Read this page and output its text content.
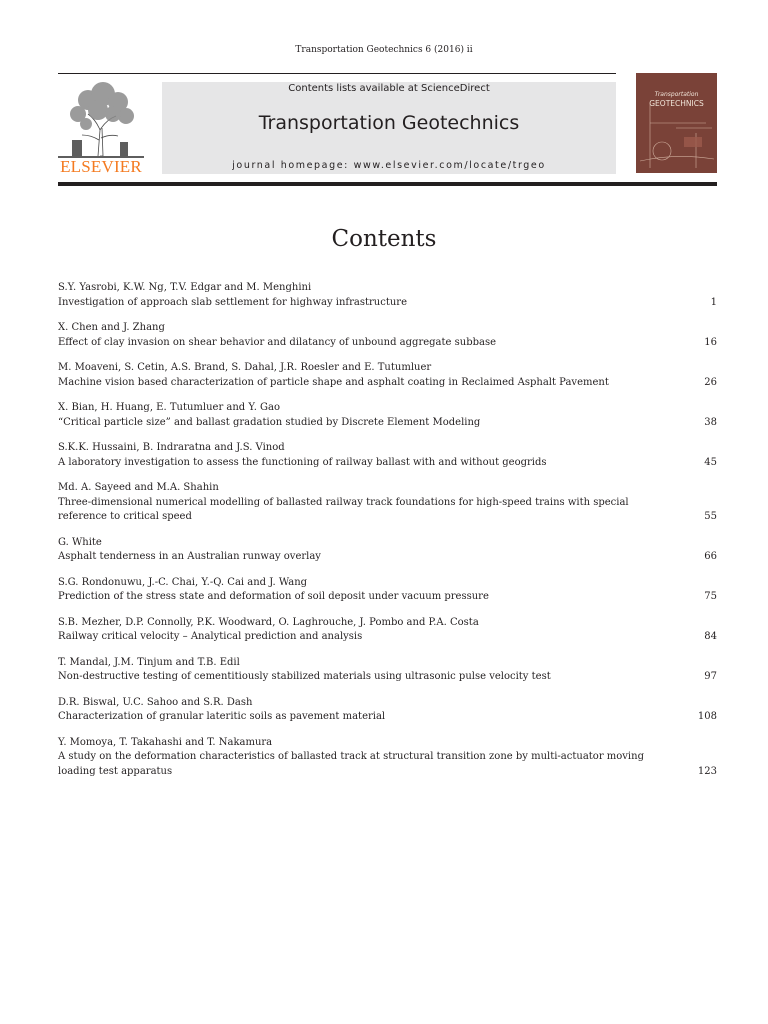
Transportation Geotechnics 6 (2016) ii
ELSEVIER
Contents lists available at ScienceDirect
Transportation Geotechnics
journal homepage: www.elsevier.com/locate/trgeo
Transportation
GEOTECHNICS
Contents
S.Y. Yasrobi, K.W. Ng, T.V. Edgar and M. Menghini
Investigation of approach slab settlement for highway infrastructure	1
X. Chen and J. Zhang
Effect of clay invasion on shear behavior and dilatancy of unbound aggregate subbase	16
M. Moaveni, S. Cetin, A.S. Brand, S. Dahal, J.R. Roesler and E. Tutumluer
Machine vision based characterization of particle shape and asphalt coating in Reclaimed Asphalt Pavement	26
X. Bian, H. Huang, E. Tutumluer and Y. Gao
“Critical particle size” and ballast gradation studied by Discrete Element Modeling	38
S.K.K. Hussaini, B. Indraratna and J.S. Vinod
A laboratory investigation to assess the functioning of railway ballast with and without geogrids	45
Md. A. Sayeed and M.A. Shahin
Three-dimensional numerical modelling of ballasted railway track foundations for high-speed trains with special reference to critical speed	55
G. White
Asphalt tenderness in an Australian runway overlay	66
S.G. Rondonuwu, J.-C. Chai, Y.-Q. Cai and J. Wang
Prediction of the stress state and deformation of soil deposit under vacuum pressure	75
S.B. Mezher, D.P. Connolly, P.K. Woodward, O. Laghrouche, J. Pombo and P.A. Costa
Railway critical velocity – Analytical prediction and analysis	84
T. Mandal, J.M. Tinjum and T.B. Edil
Non-destructive testing of cementitiously stabilized materials using ultrasonic pulse velocity test	97
D.R. Biswal, U.C. Sahoo and S.R. Dash
Characterization of granular lateritic soils as pavement material	108
Y. Momoya, T. Takahashi and T. Nakamura
A study on the deformation characteristics of ballasted track at structural transition zone by multi-actuator moving loading test apparatus	123
